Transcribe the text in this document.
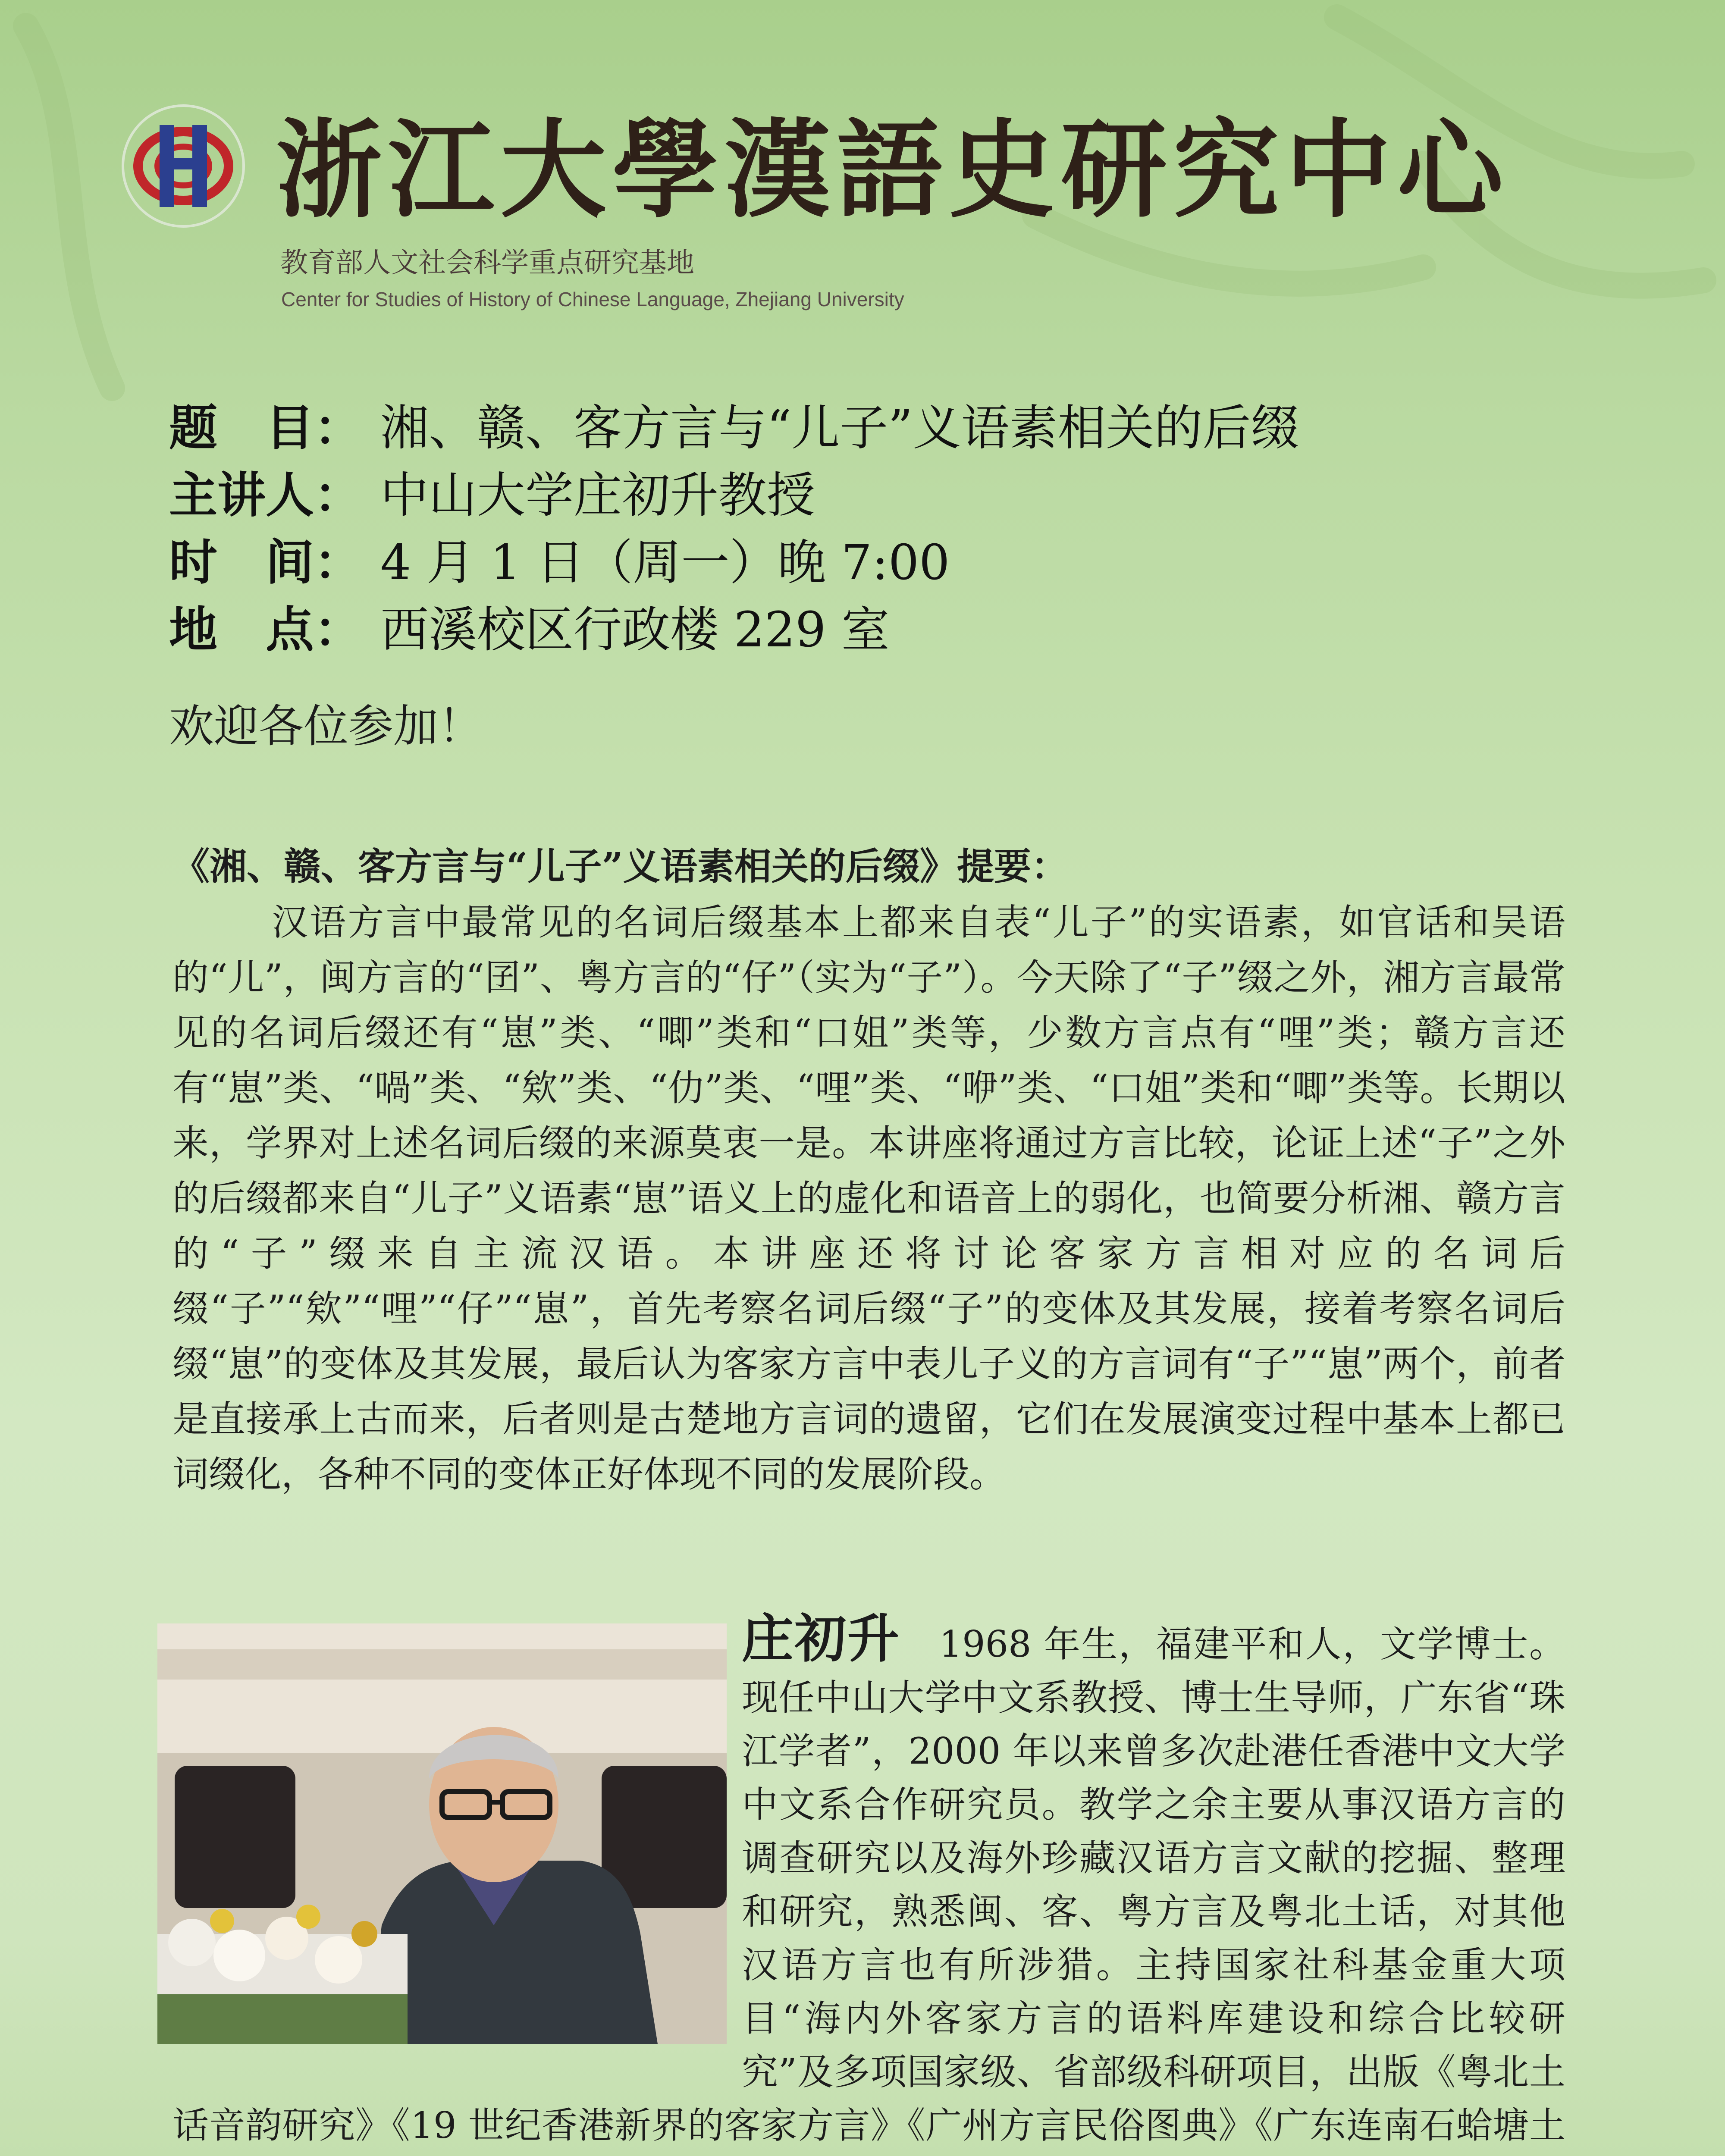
浙江大學漢語史研究中心
教育部人文社会科学重点研究基地
Center for Studies of History of Chinese Language, Zhejiang University
题　目： 湘、赣、客方言与“儿子”义语素相关的后缀
主讲人： 中山大学庄初升教授
时　间： 4 月 1 日（周一）晚 7:00
地　点： 西溪校区行政楼 229 室
欢迎各位参加！
《湘、赣、客方言与“儿子”义语素相关的后缀》提要：
汉语方言中最常见的名词后缀基本上都来自表“儿子”的实语素，如官话和吴语的“儿”，闽方言的“囝”、粤方言的“仔”（实为“子”）。今天除了“子”缀之外，湘方言最常见的名词后缀还有“崽”类、“唧”类和“口姐”类等，少数方言点有“哩”类；赣方言还有“崽”类、“喎”类、“欸”类、“仂”类、“哩”类、“咿”类、“口姐”类和“唧”类等。长期以来，学界对上述名词后缀的来源莫衷一是。本讲座将通过方言比较，论证上述“子”之外的后缀都来自“儿子”义语素“崽”语义上的虚化和语音上的弱化，也简要分析湘、赣方言的“子”缀来自主流汉语。本讲座还将讨论客家方言相对应的名词后缀“子”“欸”“哩”“仔”“崽”，首先考察名词后缀“子”的变体及其发展，接着考察名词后缀“崽”的变体及其发展，最后认为客家方言中表儿子义的方言词有“子”“崽”两个，前者是直接承上古而来，后者则是古楚地方言词的遗留，它们在发展演变过程中基本上都已词缀化，各种不同的变体正好体现不同的发展阶段。
庄初升 1968 年生，福建平和人，文学博士。现任中山大学中文系教授、博士生导师，广东省“珠江学者”，2000 年以来曾多次赴港任香港中文大学中文系合作研究员。教学之余主要从事汉语方言的调查研究以及海外珍藏汉语方言文献的挖掘、整理和研究，熟悉闽、客、粤方言及粤北土话，对其他汉语方言也有所涉猎。主持国家社科基金重大项目“海内外客家方言的语料库建设和综合比较研究”及多项国家级、省部级科研项目，出版《粤北土话音韵研究》《19 世纪香港新界的客家方言》《广州方言民俗图典》《广东连南石蛤塘土
